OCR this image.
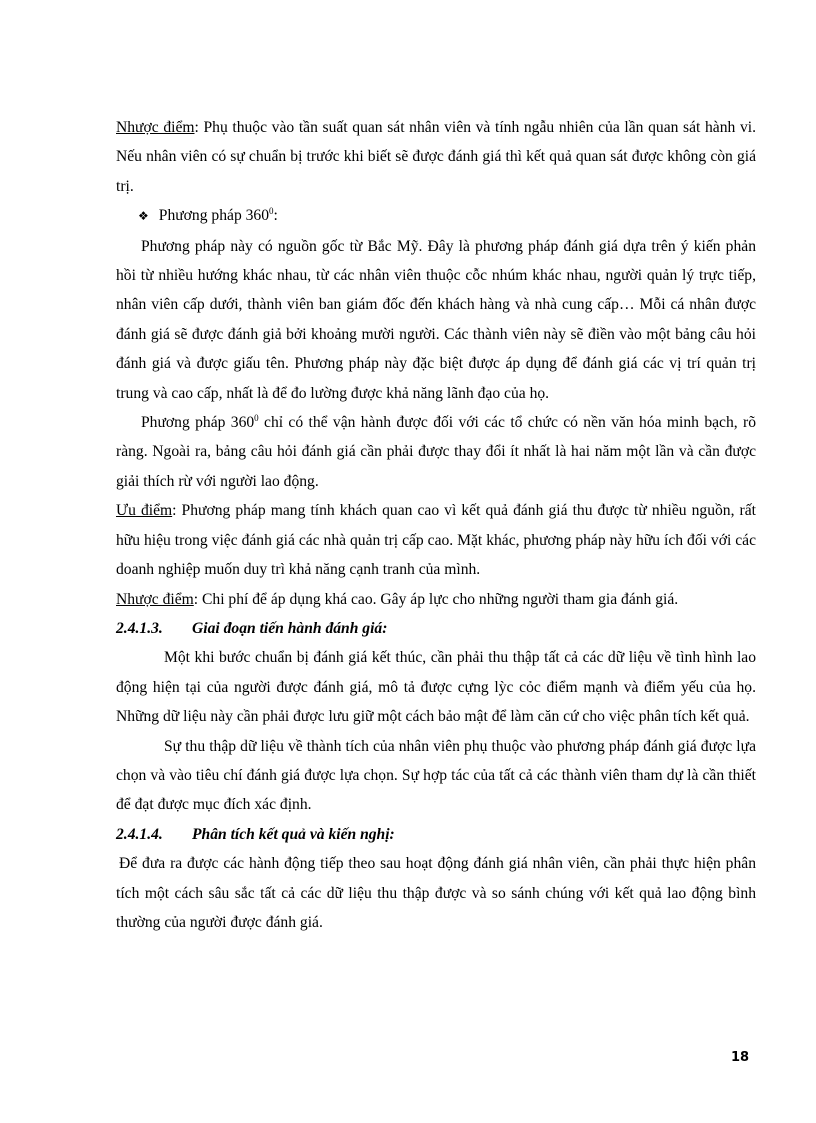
Nhược điểm: Phụ thuộc vào tần suất quan sát nhân viên và tính ngẫu nhiên của lần quan sát hành vi. Nếu nhân viên có sự chuẩn bị trước khi biết sẽ được đánh giá thì kết quả quan sát được không còn giá trị.

❖ Phương pháp $360^0$:

Phương pháp này có nguồn gốc từ Bắc Mỹ. Đây là phương pháp đánh giá dựa trên ý kiến phản hồi từ nhiều hướng khác nhau, từ các nhân viên thuộc cỗc nhúm khác nhau, người quản lý trực tiếp, nhân viên cấp dưới, thành viên ban giám đốc đến khách hàng và nhà cung cấp… Mỗi cá nhân được đánh giá sẽ được đánh giả bởi khoảng mười người. Các thành viên này sẽ điền vào một bảng câu hỏi đánh giá và được giấu tên. Phương pháp này đặc biệt được áp dụng để đánh giá các vị trí quản trị trung và cao cấp, nhất là để đo lường được khả năng lãnh đạo của họ.

Phương pháp $360^0$ chỉ có thể vận hành được đối với các tổ chức có nền văn hóa minh bạch, rõ ràng. Ngoài ra, bảng câu hỏi đánh giá cần phải được thay đổi ít nhất là hai năm một lần và cần được giải thích rừ với người lao động.

Ưu điểm: Phương pháp mang tính khách quan cao vì kết quả đánh giá thu được từ nhiều nguồn, rất hữu hiệu trong việc đánh giá các nhà quản trị cấp cao. Mặt khác, phương pháp này hữu ích đối với các doanh nghiệp muốn duy trì khả năng cạnh tranh của mình.

Nhược điểm: Chi phí để áp dụng khá cao. Gây áp lực cho những người tham gia đánh giá.

2.4.1.3.	Giai đoạn tiến hành đánh giá:

Một khi bước chuẩn bị đánh giá kết thúc, cần phải thu thập tất cả các dữ liệu về tình hình lao động hiện tại của người được đánh giá, mô tả được cựng lỳc cỏc điểm mạnh và điểm yếu của họ. Những dữ liệu này cần phải được lưu giữ một cách bảo mật để làm căn cứ cho việc phân tích kết quả.

Sự thu thập dữ liệu về thành tích của nhân viên phụ thuộc vào phương pháp đánh giá được lựa chọn và vào tiêu chí đánh giá được lựa chọn. Sự hợp tác của tất cả các thành viên tham dự là cần thiết để đạt được mục đích xác định.

2.4.1.4.	Phân tích kết quả và kiến nghị:

Để đưa ra được các hành động tiếp theo sau hoạt động đánh giá nhân viên, cần phải thực hiện phân tích một cách sâu sắc tất cả các dữ liệu thu thập được và so sánh chúng với kết quả lao động bình thường của người được đánh giá.

18
